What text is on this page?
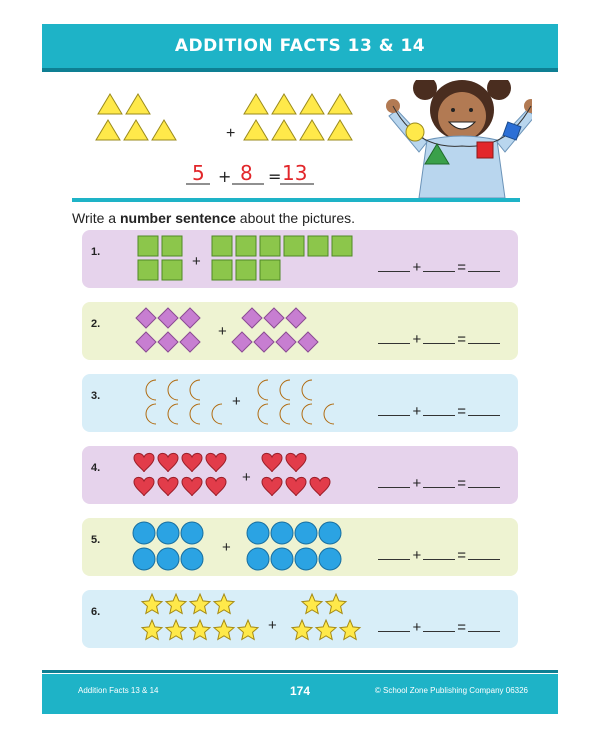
ADDITION FACTS 13 & 14
+
5 + 8 = 13
Write a number sentence about the pictures.
1.
+	+ =
2.	+	+ =
3.	+
+ =
4.
+	+ =
5.	+	+ =
6.
+	+ =
Addition Facts 13 & 14	174	© School Zone Publishing Company 06326
